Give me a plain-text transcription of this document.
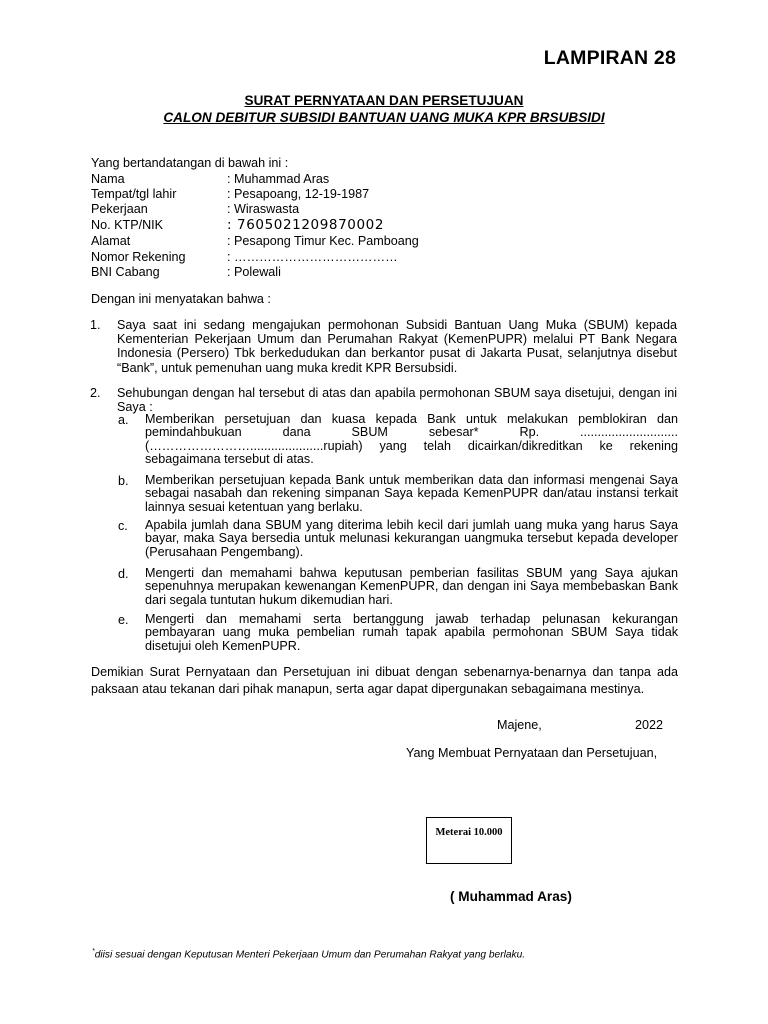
LAMPIRAN 28
SURAT PERNYATAAN DAN PERSETUJUAN
CALON DEBITUR SUBSIDI BANTUAN UANG MUKA KPR BRSUBSIDI
Yang bertandatangan di bawah ini :
Nama	: Muhammad Aras
Tempat/tgl lahir	: Pesapoang, 12-19-1987
Pekerjaan	: Wiraswasta
No. KTP/NIK	: 7605021209870002
Alamat	: Pesapong Timur Kec. Pamboang
Nomor Rekening	: …………………………………
BNI Cabang	: Polewali
Dengan ini menyatakan bahwa :
1. Saya saat ini sedang mengajukan permohonan Subsidi Bantuan Uang Muka (SBUM) kepada Kementerian Pekerjaan Umum dan Perumahan Rakyat (KemenPUPR) melalui PT Bank Negara Indonesia (Persero) Tbk berkedudukan dan berkantor pusat di Jakarta Pusat, selanjutnya disebut “Bank”, untuk pemenuhan uang muka kredit KPR Bersubsidi.
2. Sehubungan dengan hal tersebut di atas dan apabila permohonan SBUM saya disetujui, dengan ini Saya :
a. Memberikan persetujuan dan kuasa kepada Bank untuk melakukan pemblokiran dan pemindahbukuan dana SBUM sebesar* Rp. ............................ (…………………….....................rupiah) yang telah dicairkan/dikreditkan ke rekening sebagaimana tersebut di atas.
b. Memberikan persetujuan kepada Bank untuk memberikan data dan informasi mengenai Saya sebagai nasabah dan rekening simpanan Saya kepada KemenPUPR dan/atau instansi terkait lainnya sesuai ketentuan yang berlaku.
c. Apabila jumlah dana SBUM yang diterima lebih kecil dari jumlah uang muka yang harus Saya bayar, maka Saya bersedia untuk melunasi kekurangan uangmuka tersebut kepada developer (Perusahaan Pengembang).
d. Mengerti dan memahami bahwa keputusan pemberian fasilitas SBUM yang Saya ajukan sepenuhnya merupakan kewenangan KemenPUPR, dan dengan ini Saya membebaskan Bank dari segala tuntutan hukum dikemudian hari.
e. Mengerti dan memahami serta bertanggung jawab terhadap pelunasan kekurangan pembayaran uang muka pembelian rumah tapak apabila permohonan SBUM Saya tidak disetujui oleh KemenPUPR.
Demikian Surat Pernyataan dan Persetujuan ini dibuat dengan sebenarnya-benarnya dan tanpa ada paksaan atau tekanan dari pihak manapun, serta agar dapat dipergunakan sebagaimana mestinya.
Majene,	2022
Yang Membuat Pernyataan dan Persetujuan,
Meterai 10.000
( Muhammad Aras)
*diisi sesuai dengan Keputusan Menteri Pekerjaan Umum dan Perumahan Rakyat yang berlaku.
